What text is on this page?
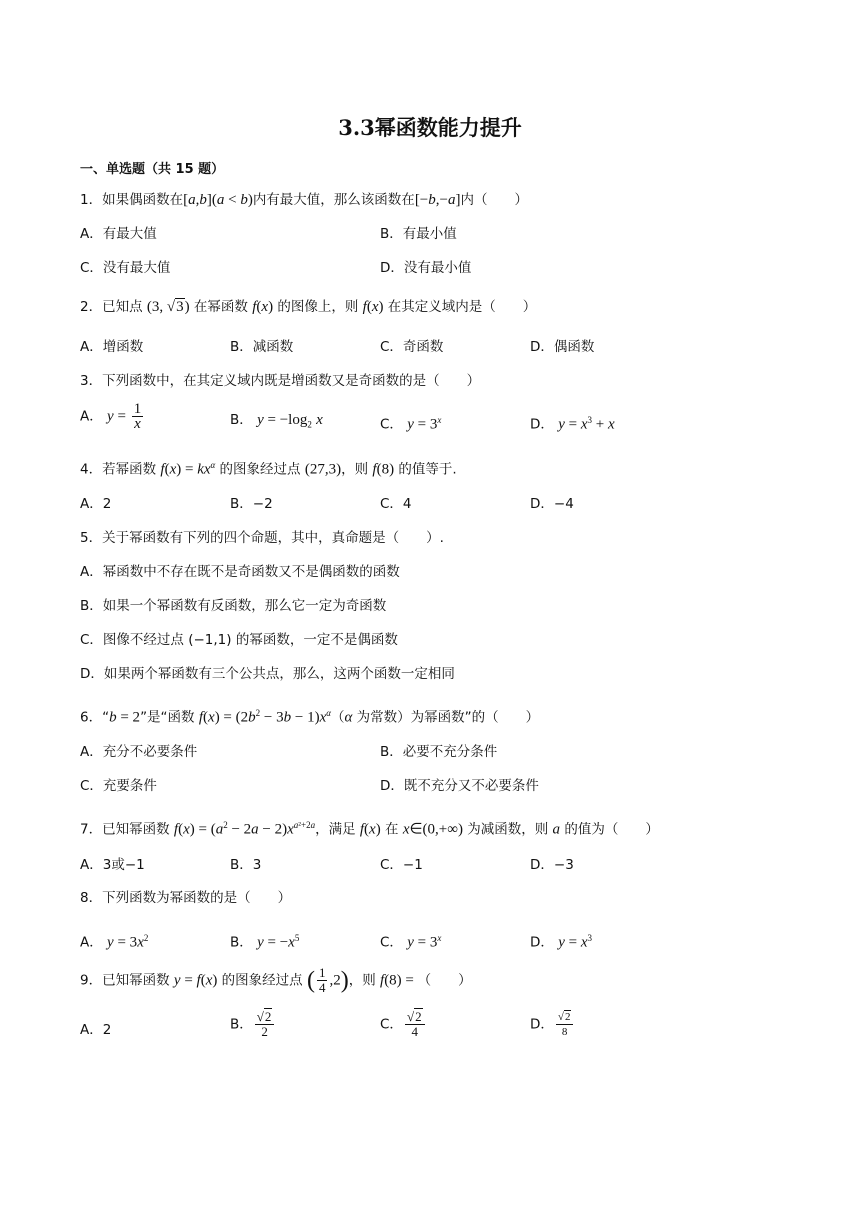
3.3幂函数能力提升
一、单选题（共 15 题）
1．如果偶函数在[a,b](a < b)内有最大值，那么该函数在[−b,−a]内（　　）
A．有最大值	B．有最小值
C．没有最大值	D．没有最小值
2．已知点 (3, √3) 在幂函数 f(x) 的图像上，则 f(x) 在其定义域内是（　　）
A．增函数	B．减函数	C．奇函数	D．偶函数
3．下列函数中，在其定义域内既是增函数又是奇函数的是（　　）
A． $y = \frac{1}{x}$	B． $y = -\log_2$ x	C． $y = 3^x$	D． $y = x^3 + x$
4．若幂函数 $f(x) = kx^\alpha$ 的图象经过点 (27,3)，则 f(8) 的值等于.
A．2	B．−2	C．4	D．−4
5．关于幂函数有下列的四个命题，其中，真命题是（　　）.
A．幂函数中不存在既不是奇函数又不是偶函数的函数
B．如果一个幂函数有反函数，那么它一定为奇函数
C．图像不经过点 (−1,1) 的幂函数，一定不是偶函数
D．如果两个幂函数有三个公共点，那么，这两个函数一定相同
6．“b = 2”是“函数 $f(x) = (2b^2 - 3b - 1)x^\alpha(\alpha$ 为常数）为幂函数”的（　　）
A．充分不必要条件	B．必要不充分条件
C．充要条件	D．既不充分又不必要条件
7．已知幂函数 $f(x) = (a^2 - 2a - 2)x^{a^2+2a}$，满足 f(x) 在 x∈(0,+∞) 为减函数，则 a 的值为（　　）
A．3或−1	B．3	C．−1	D．−3
8．下列函数为幂函数的是（　　）
A． $y = 3x^2$	B． $y = -x^5$	C． $y = 3^x$	D． $y = x^3$
9．已知幂函数 y = f(x) 的图象经过点 ( $\frac{1}{4} ,2$)，则 f(8) = （　　）
A．2	B． $\frac{√2}{2}$	C． $\frac{√2}{4}$	D． $\frac{√2}{8}$
